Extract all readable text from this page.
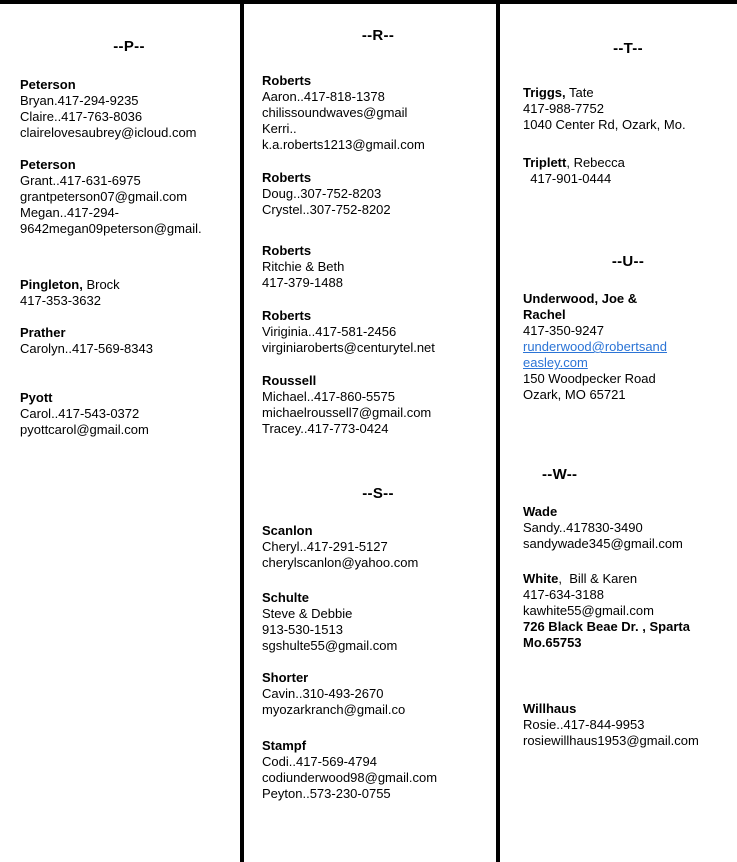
--P--
Peterson
Bryan.417-294-9235
Claire..417-763-8036
clairelovesaubrey@icloud.com
Peterson
Grant..417-631-6975
grantpeterson07@gmail.com
Megan..417-294-
9642megan09peterson@gmail.
Pingleton, Brock
417-353-3632
Prather
Carolyn..417-569-8343
Pyott
Carol..417-543-0372
pyottcarol@gmail.com
--R--
Roberts
Aaron..417-818-1378
chilissoundwaves@gmail
Kerri..
k.a.roberts1213@gmail.com
Roberts
Doug..307-752-8203
Crystel..307-752-8202
Roberts
Ritchie & Beth
417-379-1488
Roberts
Viriginia..417-581-2456
virginiaroberts@centurytel.net
Roussell
Michael..417-860-5575
michaelroussell7@gmail.com
Tracey..417-773-0424
--S--
Scanlon
Cheryl..417-291-5127
cherylscanlon@yahoo.com
Schulte
Steve & Debbie
913-530-1513
sgshulte55@gmail.com
Shorter
Cavin..310-493-2670
myozarkranch@gmail.co
Stampf
Codi..417-569-4794
codiunderwood98@gmail.com
Peyton..573-230-0755
--T--
Triggs, Tate
417-988-7752
1040 Center Rd, Ozark, Mo.
Triplett, Rebecca
417-901-0444
--U--
Underwood, Joe &
Rachel
417-350-9247
runderwood@robertsand
easley.com
150 Woodpecker Road
Ozark, MO 65721
--W--
Wade
Sandy..417830-3490
sandywade345@gmail.com
White,  Bill & Karen
417-634-3188
kawhite55@gmail.com
726 Black Beae Dr. , Sparta
Mo.65753
Willhaus
Rosie..417-844-9953
rosiewillhaus1953@gmail.com
